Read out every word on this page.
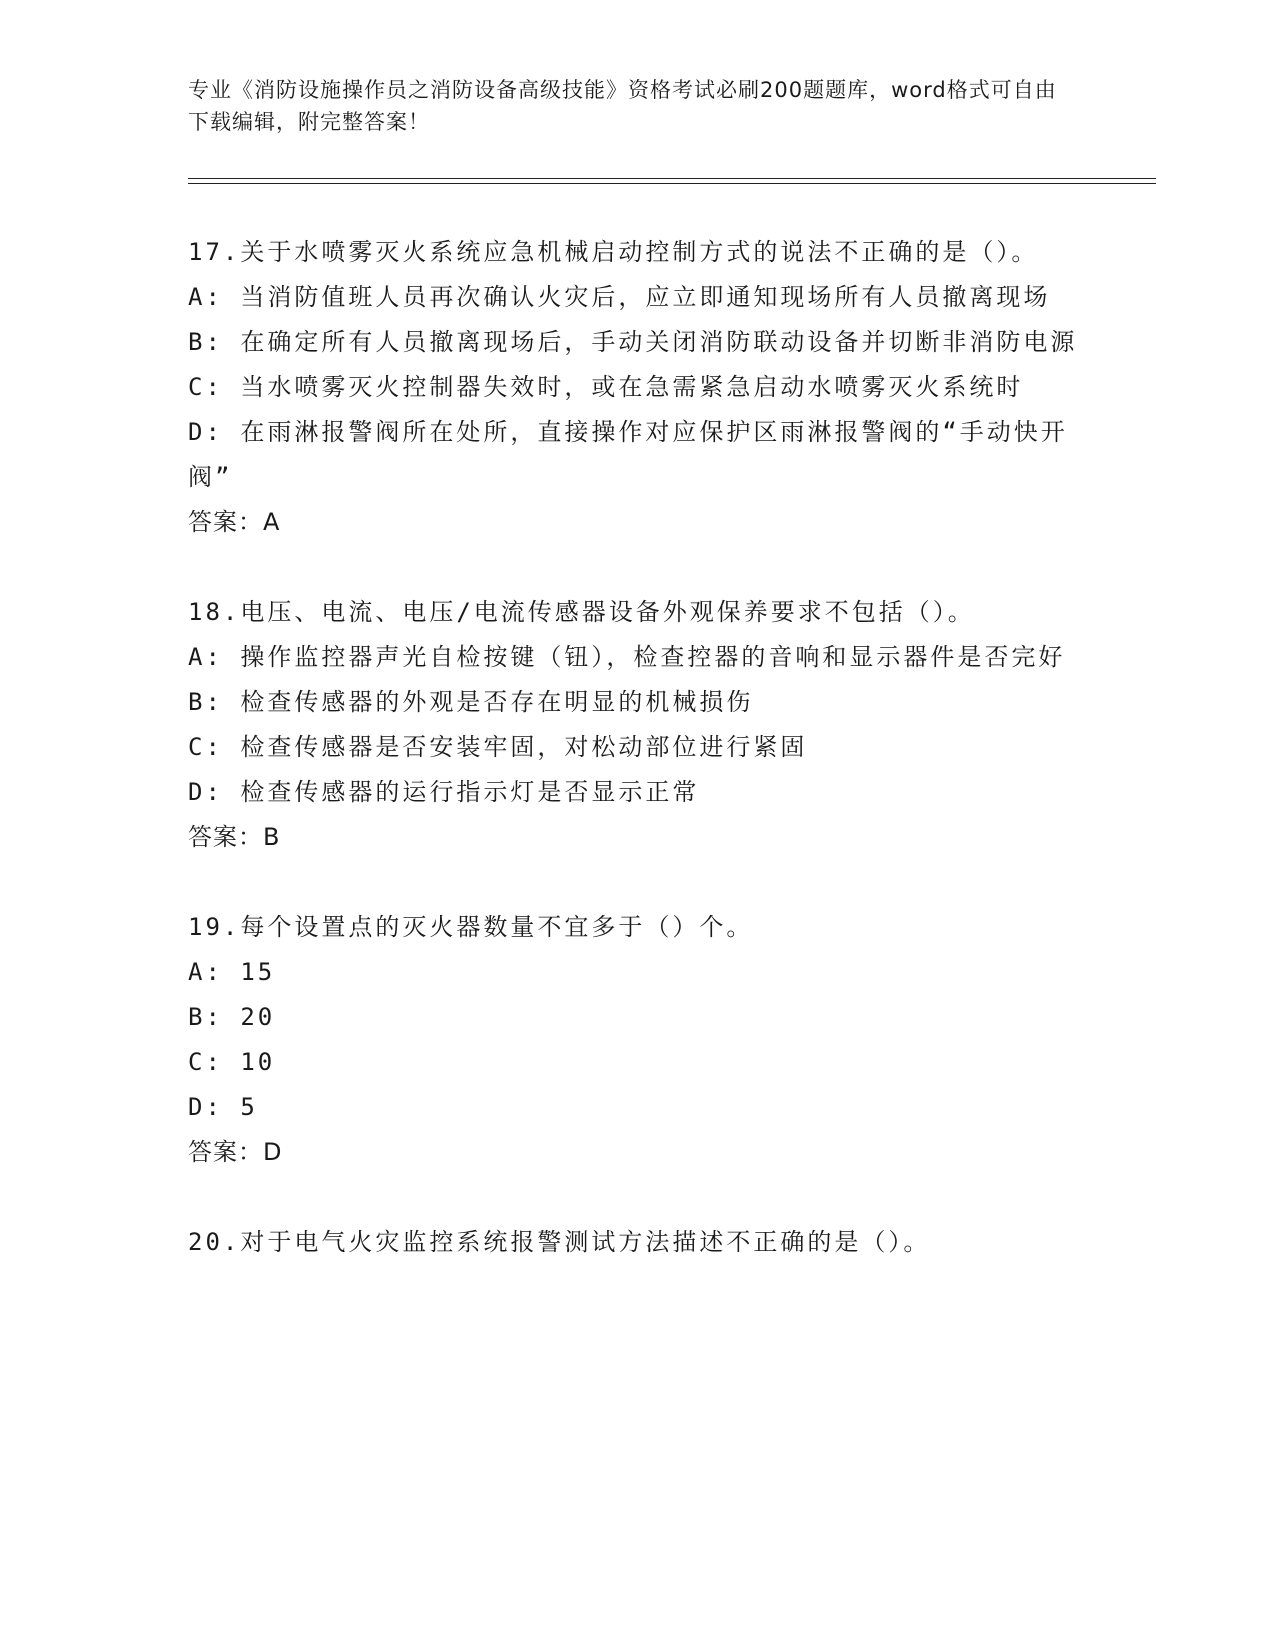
专业《消防设施操作员之消防设备高级技能》资格考试必刷200题题库，word格式可自由下载编辑，附完整答案！

17.关于水喷雾灭火系统应急机械启动控制方式的说法不正确的是（）。

A: 当消防值班人员再次确认火灾后，应立即通知现场所有人员撤离现场

B: 在确定所有人员撤离现场后，手动关闭消防联动设备并切断非消防电源

C: 当水喷雾灭火控制器失效时，或在急需紧急启动水喷雾灭火系统时

D: 在雨淋报警阀所在处所，直接操作对应保护区雨淋报警阀的“手动快开阀”

答案：A

18.电压、电流、电压/电流传感器设备外观保养要求不包括（）。

A: 操作监控器声光自检按键（钮），检查控器的音响和显示器件是否完好

B: 检查传感器的外观是否存在明显的机械损伤

C: 检查传感器是否安装牢固，对松动部位进行紧固

D: 检查传感器的运行指示灯是否显示正常

答案：B

19.每个设置点的灭火器数量不宜多于（）个。

A: 15

B: 20

C: 10

D: 5

答案：D

20.对于电气火灾监控系统报警测试方法描述不正确的是（）。
